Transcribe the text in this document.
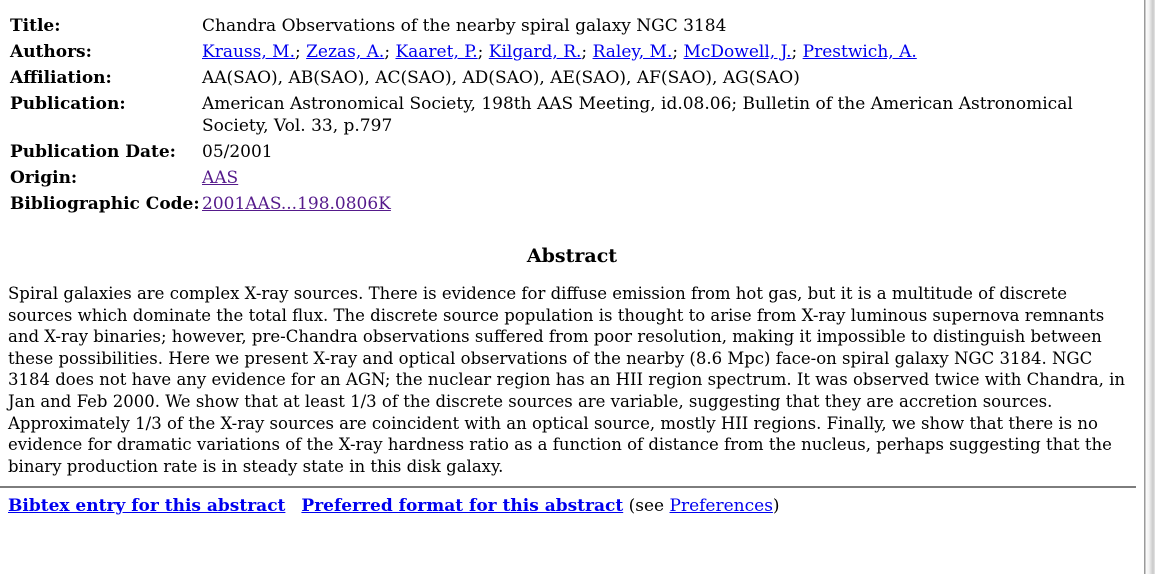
Title:	Chandra Observations of the nearby spiral galaxy NGC 3184
Authors:	Krauss, M.; Zezas, A.; Kaaret, P.; Kilgard, R.; Raley, M.; McDowell, J.; Prestwich, A.
Affiliation:	AA(SAO), AB(SAO), AC(SAO), AD(SAO), AE(SAO), AF(SAO), AG(SAO)
Publication:	American Astronomical Society, 198th AAS Meeting, id.08.06; Bulletin of the American Astronomical Society, Vol. 33, p.797
Publication Date:	05/2001
Origin:	AAS
Bibliographic Code:	2001AAS...198.0806K
Abstract

Spiral galaxies are complex X-ray sources. There is evidence for diffuse emission from hot gas, but it is a multitude of discrete sources which dominate the total flux. The discrete source population is thought to arise from X-ray luminous supernova remnants and X-ray binaries; however, pre-Chandra observations suffered from poor resolution, making it impossible to distinguish between these possibilities. Here we present X-ray and optical observations of the nearby (8.6 Mpc) face-on spiral galaxy NGC 3184. NGC 3184 does not have any evidence for an AGN; the nuclear region has an HII region spectrum. It was observed twice with Chandra, in Jan and Feb 2000. We show that at least 1/3 of the discrete sources are variable, suggesting that they are accretion sources. Approximately 1/3 of the X-ray sources are coincident with an optical source, mostly HII regions. Finally, we show that there is no evidence for dramatic variations of the X-ray hardness ratio as a function of distance from the nucleus, perhaps suggesting that the binary production rate is in steady state in this disk galaxy.

Bibtex entry for this abstract Preferred format for this abstract (see Preferences)
